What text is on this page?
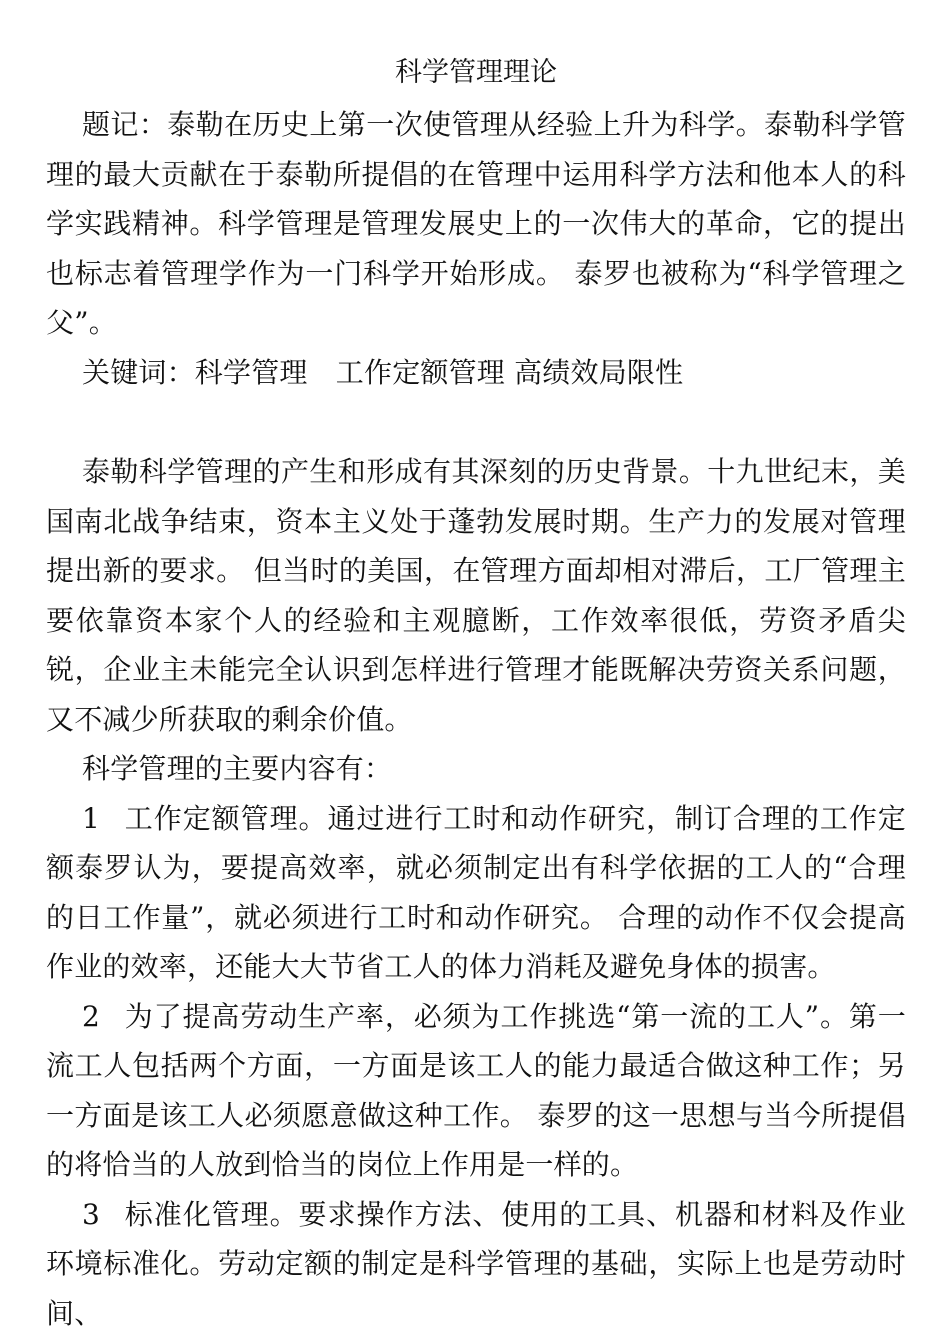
科学管理理论

题记：泰勒在历史上第一次使管理从经验上升为科学。泰勒科学管理的最大贡献在于泰勒所提倡的在管理中运用科学方法和他本人的科学实践精神。科学管理是管理发展史上的一次伟大的革命，它的提出也标志着管理学作为一门科学开始形成。 泰罗也被称为“科学管理之父”。

关键词：科学管理　工作定额管理 高绩效局限性

泰勒科学管理的产生和形成有其深刻的历史背景。十九世纪末，美国南北战争结束，资本主义处于蓬勃发展时期。生产力的发展对管理提出新的要求。 但当时的美国，在管理方面却相对滞后，工厂管理主要依靠资本家个人的经验和主观臆断，工作效率很低，劳资矛盾尖锐，企业主未能完全认识到怎样进行管理才能既解决劳资关系问题，又不减少所获取的剩余价值。

科学管理的主要内容有：

1 工作定额管理。通过进行工时和动作研究，制订合理的工作定额泰罗认为，要提高效率，就必须制定出有科学依据的工人的“合理的日工作量”，就必须进行工时和动作研究。 合理的动作不仅会提高作业的效率，还能大大节省工人的体力消耗及避免身体的损害。

2 为了提高劳动生产率，必须为工作挑选“第一流的工人”。第一流工人包括两个方面，一方面是该工人的能力最适合做这种工作；另一方面是该工人必须愿意做这种工作。 泰罗的这一思想与当今所提倡的将恰当的人放到恰当的岗位上作用是一样的。

3 标准化管理。要求操作方法、使用的工具、机器和材料及作业环境标准化。劳动定额的制定是科学管理的基础，实际上也是劳动时间、
